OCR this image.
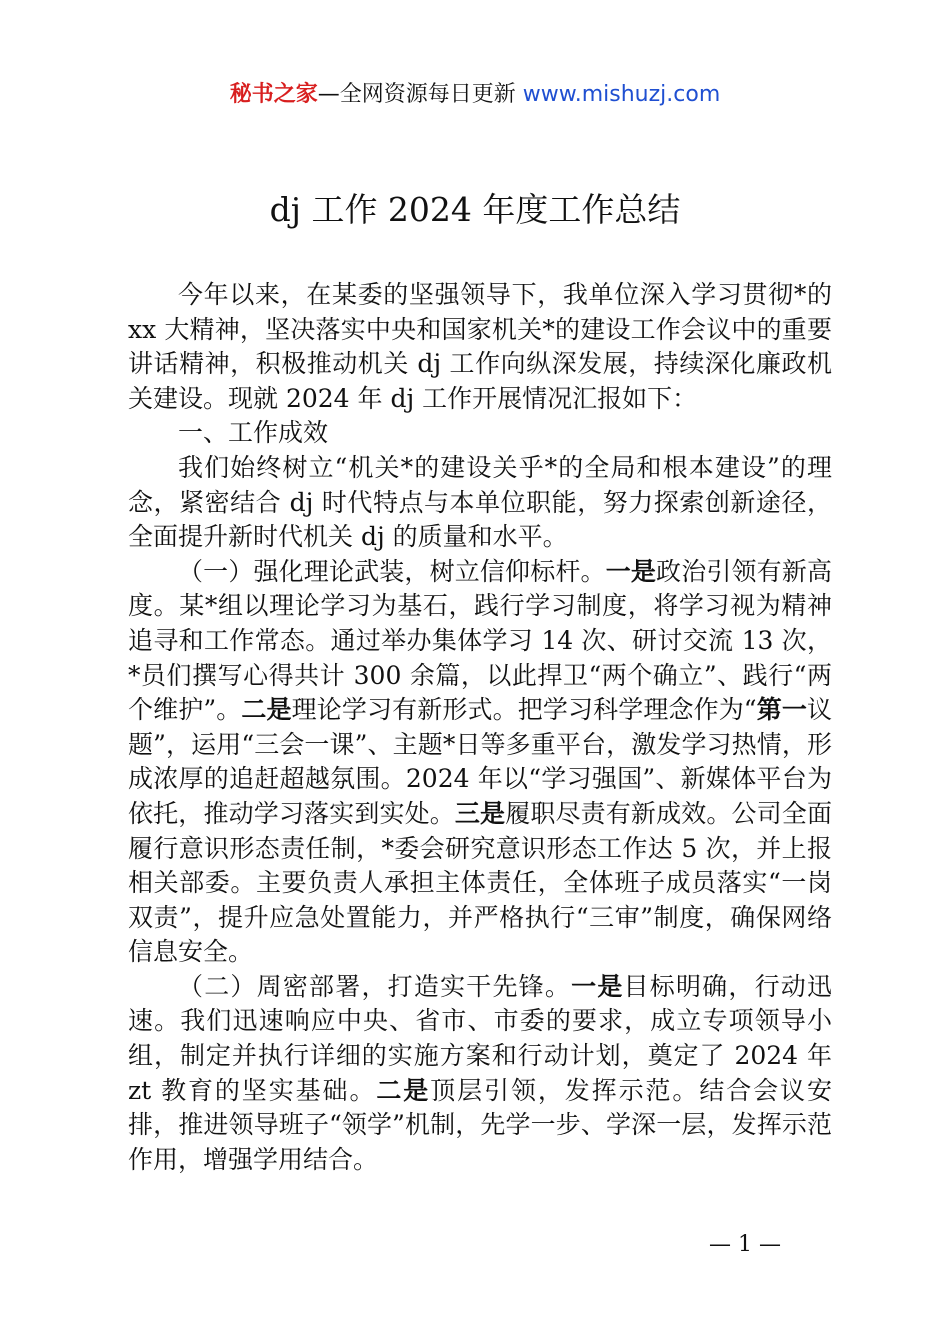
秘书之家—全网资源每日更新 www.mishuzj.com
dj 工作 2024 年度工作总结

今年以来，在某委的坚强领导下，我单位深入学习贯彻*的 xx 大精神，坚决落实中央和国家机关*的建设工作会议中的重要讲话精神，积极推动机关 dj 工作向纵深发展，持续深化廉政机关建设。现就 2024 年 dj 工作开展情况汇报如下：

一、工作成效

我们始终树立“机关*的建设关乎*的全局和根本建设”的理念，紧密结合 dj 时代特点与本单位职能，努力探索创新途径，全面提升新时代机关 dj 的质量和水平。

（一）强化理论武装，树立信仰标杆。一是政治引领有新高度。某*组以理论学习为基石，践行学习制度，将学习视为精神追寻和工作常态。通过举办集体学习 14 次、研讨交流 13 次，*员们撰写心得共计 300 余篇，以此捍卫“两个确立”、践行“两个维护”。二是理论学习有新形式。把学习科学理念作为“第一议题”，运用“三会一课”、主题*日等多重平台，激发学习热情，形成浓厚的追赶超越氛围。2024 年以“学习强国”、新媒体平台为依托，推动学习落实到实处。三是履职尽责有新成效。公司全面履行意识形态责任制，*委会研究意识形态工作达 5 次，并上报相关部委。主要负责人承担主体责任，全体班子成员落实“一岗双责”，提升应急处置能力，并严格执行“三审”制度，确保网络信息安全。

（二）周密部署，打造实干先锋。一是目标明确，行动迅速。我们迅速响应中央、省市、市委的要求，成立专项领导小组，制定并执行详细的实施方案和行动计划，奠定了 2024 年 zt 教育的坚实基础。二是顶层引领，发挥示范。结合会议安排，推进领导班子“领学”机制，先学一步、学深一层，发挥示范作用，增强学用结合。

— 1 —
